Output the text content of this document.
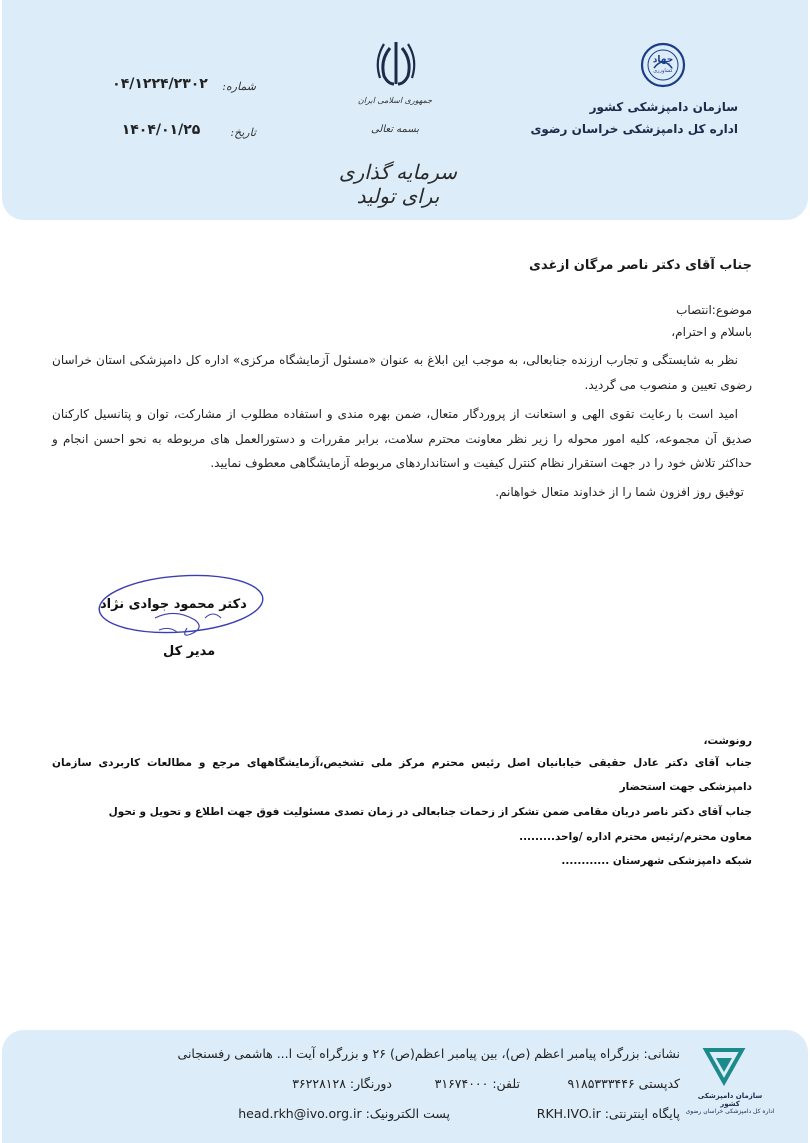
جهاد
کشاورزی
سازمان دامپزشکی کشور
اداره کل دامپزشکی خراسان رضوی
جمهوری اسلامی ایران
بسمه تعالی
سرمایه گذاری برای تولید
شماره:
۰۴/۱۲۲۴/۲۳۰۲
تاریخ:
۱۴۰۴/۰۱/۲۵
جناب آقای دکتر ناصر مرگان ازغدی
موضوع:انتصاب
باسلام و احترام،
نظر به شایستگی و تجارب ارزنده جنابعالی، به موجب این ابلاغ به عنوان «مسئول آزمایشگاه مرکزی» اداره کل دامپزشکی استان خراسان رضوی تعیین و منصوب می گردید.
امید است با رعایت تقوی الهی و استعانت از پروردگار متعال، ضمن بهره مندی و استفاده مطلوب از مشارکت، توان و پتانسیل کارکنان صدیق آن مجموعه، کلیه امور محوله را زیر نظر معاونت محترم سلامت، برابر مقررات و دستورالعمل های مربوطه به نحو احسن انجام و حداکثر تلاش خود را در جهت استقرار نظام کنترل کیفیت و استانداردهای مربوطه آزمایشگاهی معطوف نمایید.
توفیق روز افزون شما را از خداوند متعال خواهانم.
دکتر محمود جوادی نژاد
مدیر کل
رونوشت،
جناب آقای دکتر عادل حقیقی خیابانیان اصل رئیس محترم مرکز ملی تشخیص،آزمایشگاههای مرجع و مطالعات کاربردی سازمان دامپزشکی جهت استحضار
جناب آقای دکتر ناصر دربان مقامی ضمن تشکر از زحمات جنابعالی در زمان تصدی مسئولیت فوق جهت اطلاع و تحویل و تحول
معاون محترم/رئیس محترم اداره /واحد.........
شبکه دامپزشکی شهرستان ............
سازمان دامپزشکی کشور
اداره کل دامپزشکی خراسان رضوی
نشانی: بزرگراه پیامبر اعظم (ص)، بین پیامبر اعظم(ص) ۲۶ و بزرگراه آیت ا... هاشمی رفسنجانی
کدپستی ۹۱۸۵۳۳۳۴۴۶
تلفن: ۳۱۶۷۴۰۰۰
دورنگار: ۳۶۲۲۸۱۲۸
پایگاه اینترنتی: RKH.IVO.ir
پست الکترونیک: head.rkh@ivo.org.ir
